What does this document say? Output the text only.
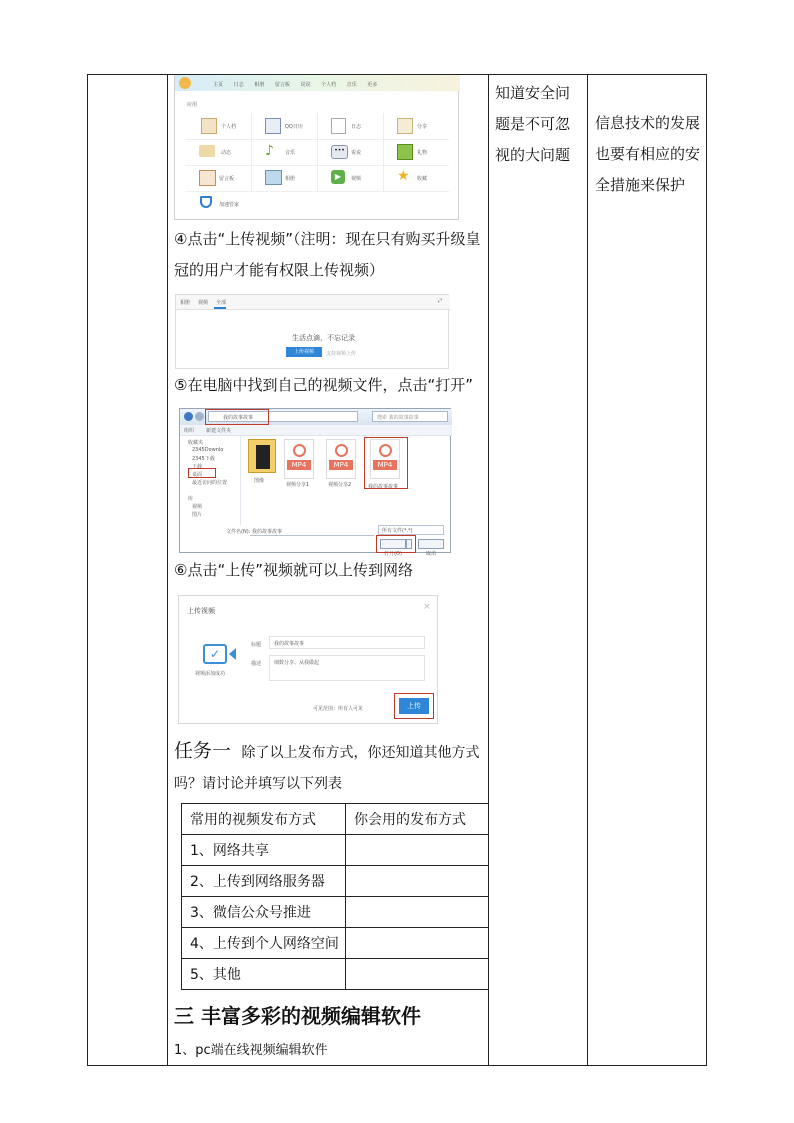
知道安全问题是不可忽视的大问题
信息技术的发展也要有相应的安全措施来保护
主页 日志 相册 留言板 说说 个人档 音乐 更多
应用
个人档	QQ日历	日志	分享
动态 ♪	音乐	•••	说说	礼物
留言板	相册	▶	视频	★ 收藏
加速管家
④点击“上传视频”（注明：现在只有购买升级皇冠的用户才能有权限上传视频）
相册 视频 全部	⤢
生活点滴，不忘记录
上传视频	支持视频上传
⑤在电脑中找到自己的视频文件，点击“打开”
我的故事故事	搜索 我的故事故事
组织 新建文件夹
收藏夹
2345Downlo
2345下载
下载
桌面
最近访问的位置
库
视频
图片
图像
MP4
视频分享1
MP4
视频分享2
MP4
我的故事故事
文件名(N): 我的故事故事	所有文件(*.*)
打开(O)	取消
⑥点击“上传”视频就可以上传到网络
上传视频	×
✓
视频添加成功
标题	我的故事故事
描述	细数分享、从我做起
可见范围：所有人可见	上传
任务一 除了以上发布方式，你还知道其他方式吗？请讨论并填写以下列表
常用的视频发布方式	你会用的发布方式
1、网络共享	
2、上传到网络服务器	
3、微信公众号推进	
4、上传到个人网络空间	
5、其他	
三 丰富多彩的视频编辑软件
1、pc端在线视频编辑软件
